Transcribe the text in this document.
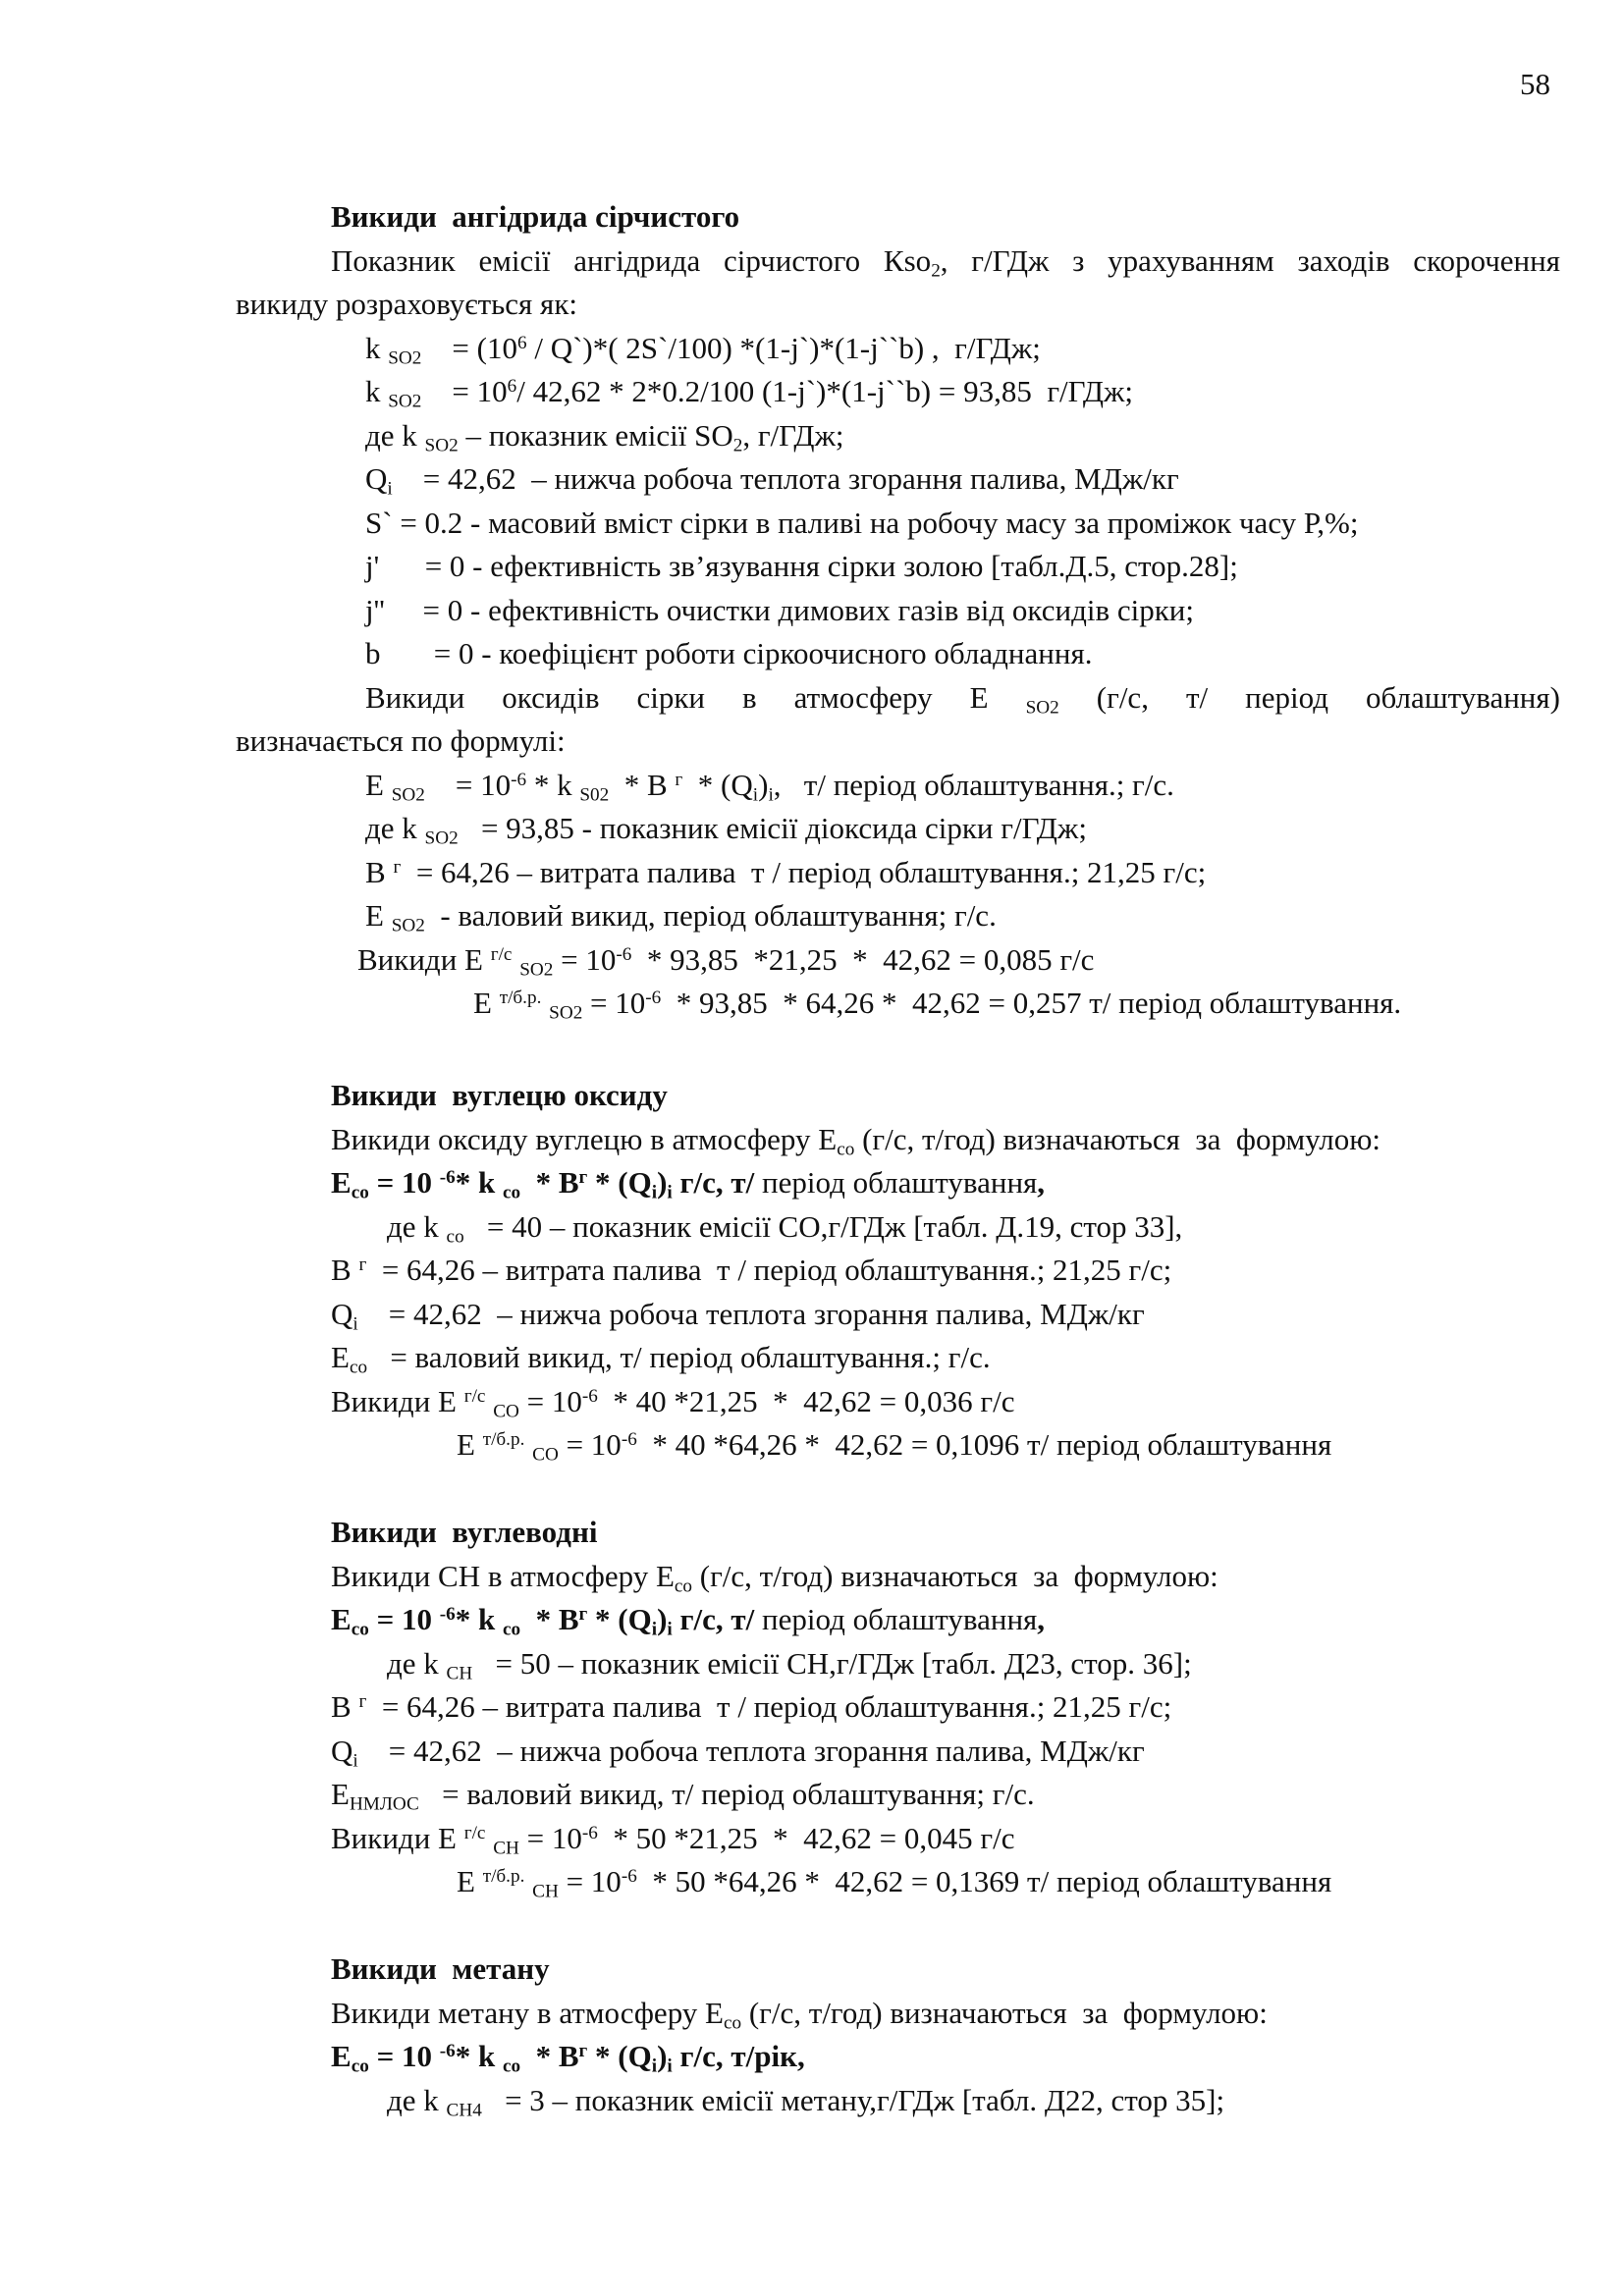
58
Викиди  ангідрида сірчистого
Показник емісії ангідрида сірчистого Кso$_2$, г/ГДж з урахуванням заходів скорочення
викиду розраховується як:
k $_{SO2}$    = ($10^6$ / Q`)*( 2S`/100) *(1-j`)*(1-j``b) ,  г/ГДж;
k $_{SO2}$    = $10^6/$ 42,62 * 2*0.2/100 (1-j`)*(1-j``b) = 93,85  г/ГДж;
де k $_{SO2}$ – показник емісії $SO_2$, г/ГДж;
$Q_i$    = 42,62  – нижча робоча теплота згорання палива, МДж/кг
S` = 0.2 - масовий вміст сірки в паливі на робочу масу за проміжок часу Р,%;
j'      = 0 - ефективність зв’язування сірки золою [табл.Д.5, стор.28];
j''     = 0 - ефективність очистки димових газів від оксидів сірки;
b       = 0 - коефіцієнт роботи сіркоочисного обладнання.
Викиди оксидів сірки в атмосферу Е $_{SO2}$ (г/с, т/ період облаштування)
визначається по формулі:
Е $_{SO2}$    = $10^{-6}$ * k $_{S02}$  * В $^г * (Q_i)_i$,   т/ період облаштування.; г/с.
де k $_{SO2}$   = 93,85 - показник емісії діоксида сірки г/ГДж;
В $^г$  = 64,26 – витрата палива  т / період облаштування.; 21,25 г/с;
Е $_{SO2}$  - валовий викид, період облаштування; г/с.
Викиди Е $^{г/с}$ $_{SO2} = 10^{-6} * 93,85$  *21,25  *  42,62 = 0,085 г/с
Е $^{т/б.р.}$ $_{SO2} = 10^{-6} * 93,85 * 64,26 * 42,62 = 0,257$ т/ період облаштування.
Викиди  вуглецю оксиду
Викиди оксиду вуглецю в атмосферу $Е_{со}$ (г/с, т/год) визначаються  за  формулою:
$Е_{со} = 10$ $^{-6}$* k $_{со} * В^г * (Q_i)_i$ г/с, т/ період облаштування,
де k $_{со}$   = 40 – показник емісії СО,г/ГДж [табл. Д.19, стор 33],
В $^г$  = 64,26 – витрата палива  т / період облаштування.; 21,25 г/с;
$Q_i$    = 42,62  – нижча робоча теплота згорання палива, МДж/кг
$Е_{со}$   = валовий викид, т/ період облаштування.; г/с.
Викиди Е $^{г/с}$ $_{СО} = 10^{-6} * 40$ *21,25  *  42,62 = 0,036 г/с
Е $^{т/б.р.}$ $_{СО} = 10^{-6} * 40$ *64,26 *  42,62 = 0,1096 т/ період облаштування
Викиди  вуглеводні
Викиди СН в атмосферу $Е_{со}$ (г/с, т/год) визначаються  за  формулою:
$Е_{со} = 10$ $^{-6}$* k $_{со} * В^г * (Q_i)_i$ г/с, т/ період облаштування,
де k $_{СН}$   = 50 – показник емісії СН,г/ГДж [табл. Д23, стор. 36];
В $^г$  = 64,26 – витрата палива  т / період облаштування.; 21,25 г/с;
$Q_i$    = 42,62  – нижча робоча теплота згорання палива, МДж/кг
$Е_{НМЛОС}$   = валовий викид, т/ період облаштування; г/с.
Викиди Е $^{г/с}$ $_{СН} = 10^{-6} * 50$ *21,25  *  42,62 = 0,045 г/с
Е $^{т/б.р.}$ $_{СН} = 10^{-6} * 50$ *64,26 *  42,62 = 0,1369 т/ період облаштування
Викиди  метану
Викиди метану в атмосферу $Е_{со}$ (г/с, т/год) визначаються  за  формулою:
$Е_{со} = 10$ $^{-6}$* k $_{со} * В^г * (Q_i)_i$ г/с, т/рік,
де k $_{СН4}$   = 3 – показник емісії метану,г/ГДж [табл. Д22, стор 35];
